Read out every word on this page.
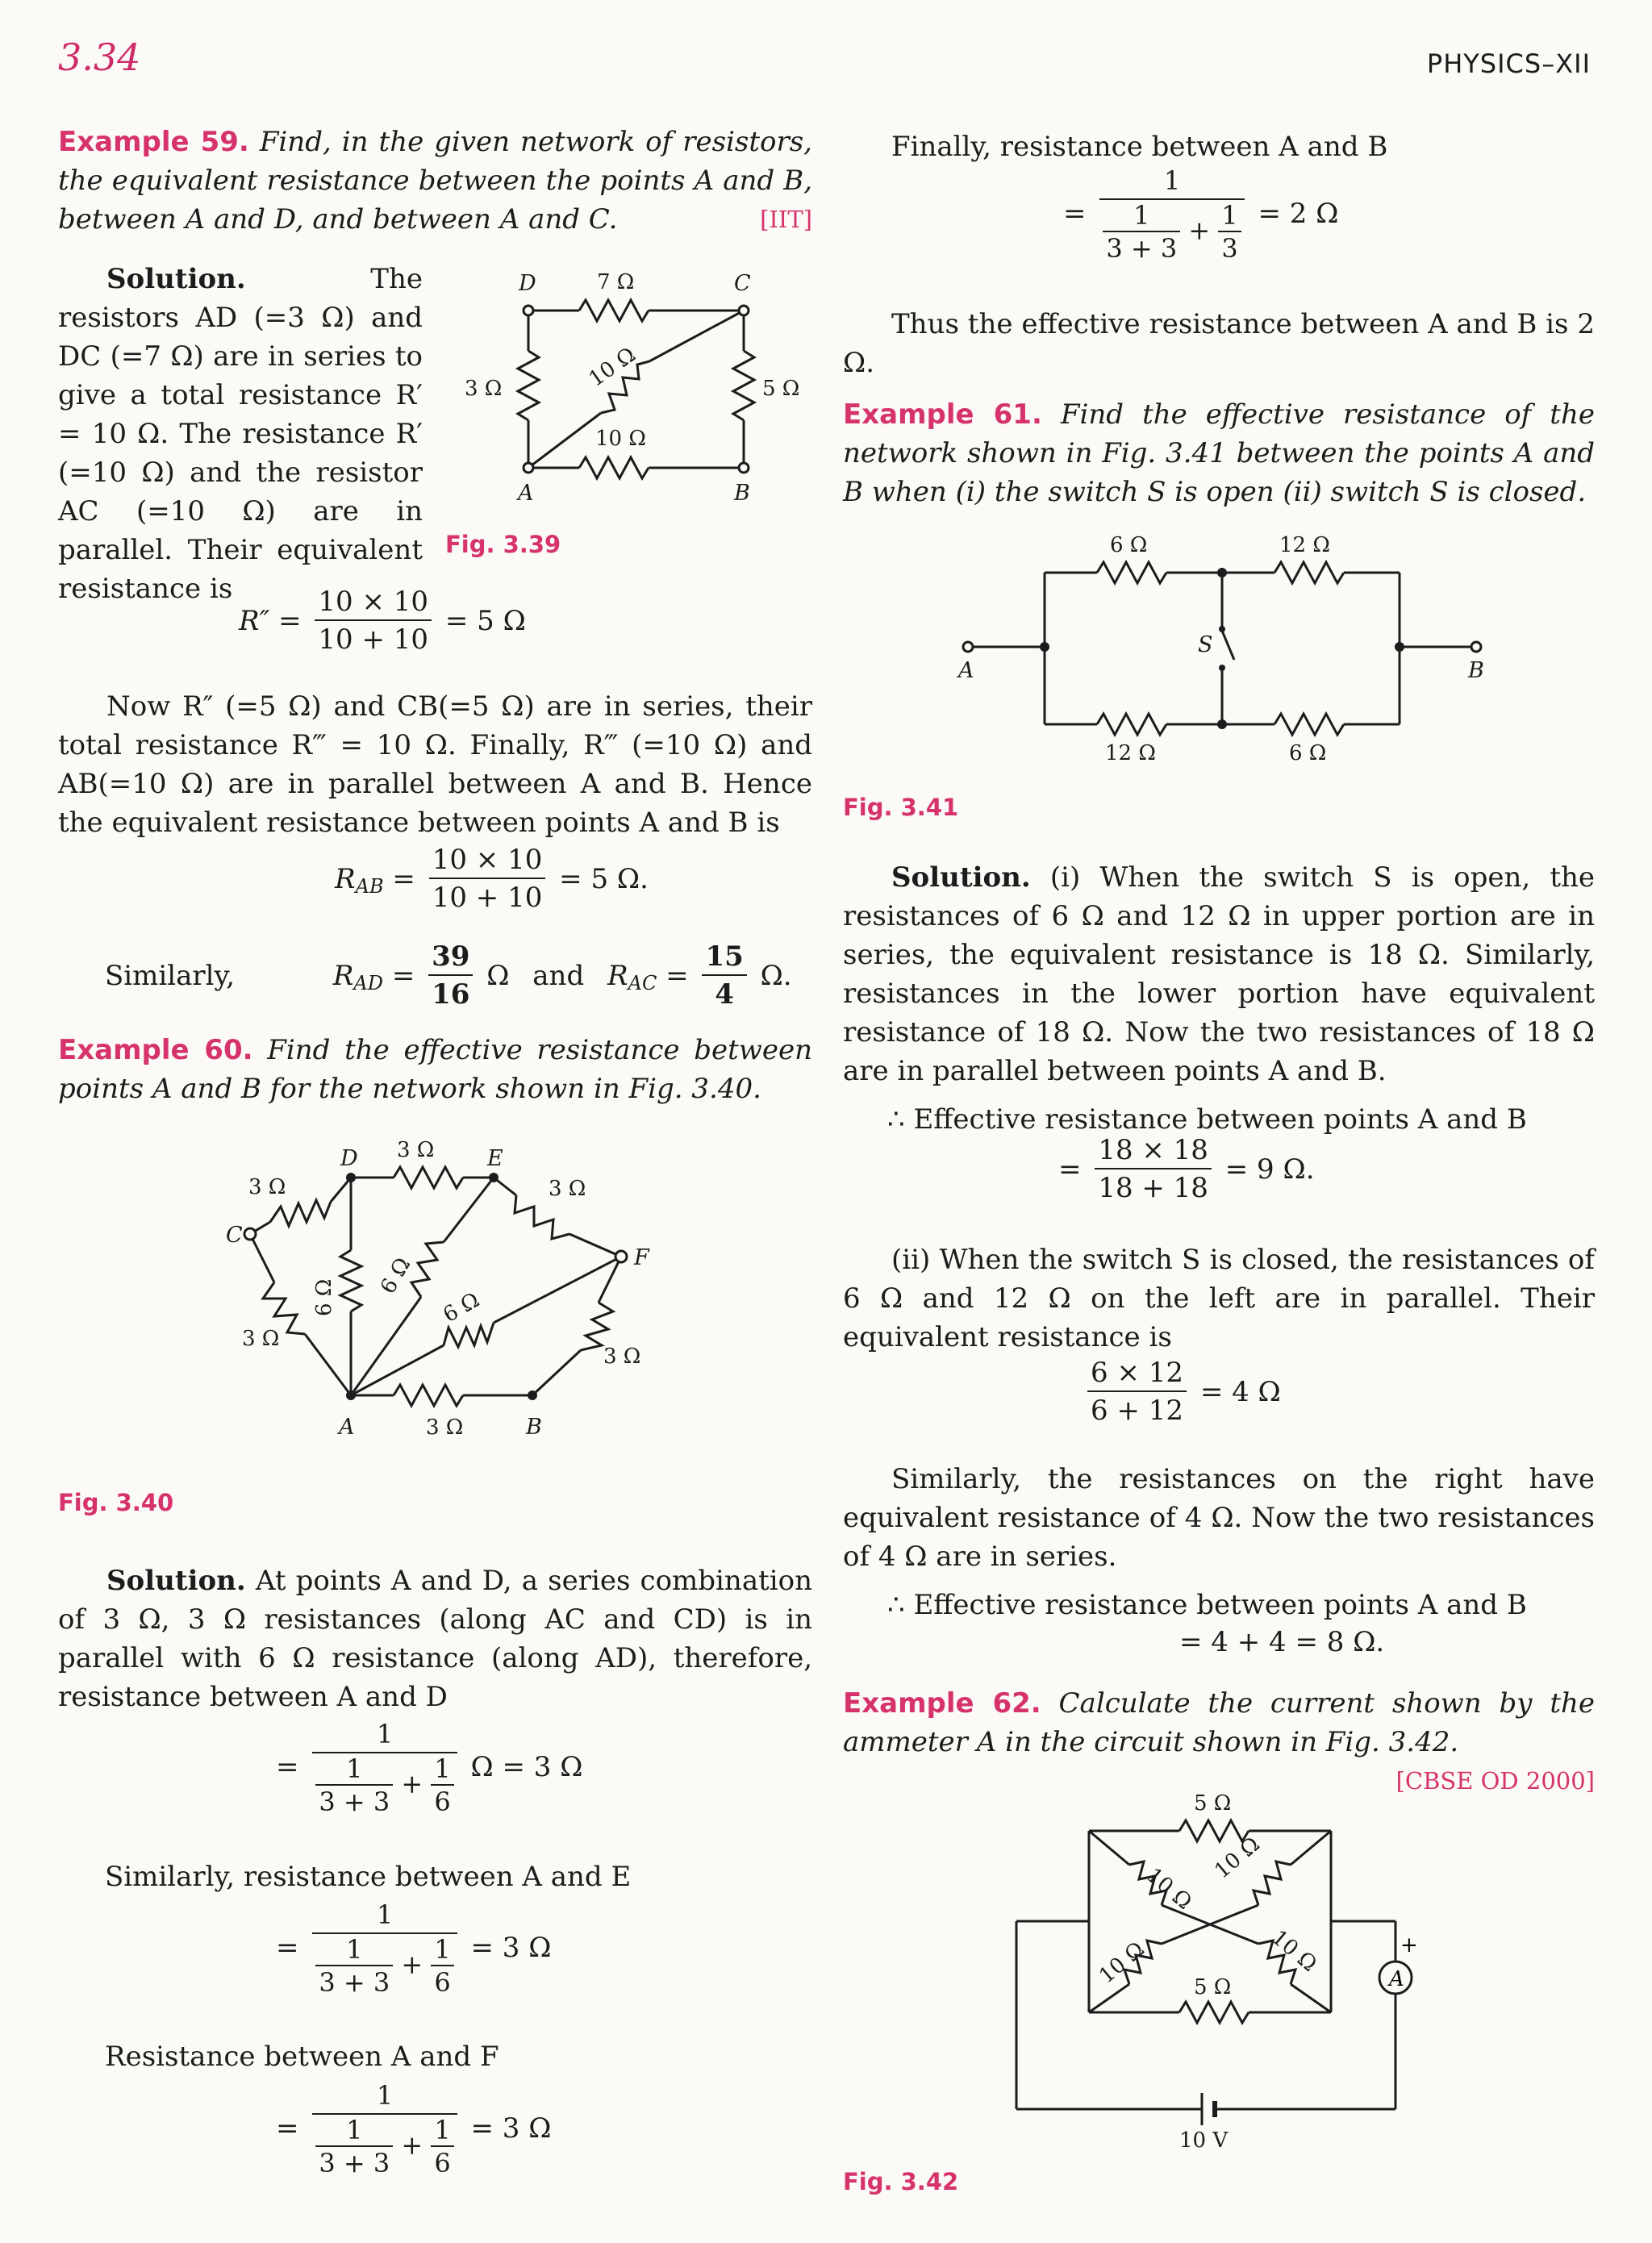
3.34	PHYSICS–XII
Example 59. Find, in the given network of resistors, the equivalent resistance between the points A and B, between A and D, and between A and C.	[IIT]
Solution.	The resistors AD (=3 Ω) and DC (=7 Ω) are in series to give a total resistance R′ = 10 Ω. The resistance R′ (=10 Ω) and the resistor AC (=10 Ω) are in parallel. Their equivalent resistance is
D	C
A	B
7 Ω
3 Ω	5 Ω
10 Ω
10 Ω
Fig. 3.39
$R'' = \frac{10 \times 10}{10 + 10} = 5$ Ω
Now R″ (=5 Ω) and CB(=5 Ω) are in series, their total resistance R‴ = 10 Ω. Finally, R‴ (=10 Ω) and AB(=10 Ω) are in parallel between A and B. Hence the equivalent resistance between points A and B is
$R_{AB} = \frac{10 \times 10}{10 + 10} = 5$ Ω.
Similarly,	$R_{AD} = \frac{39}{16}$ Ω and $R_{AC} = \frac{15}{4} \Omega$.
Example 60. Find the effective resistance between points A and B for the network shown in Fig. 3.40.
C
D	E
F
A	B
3 Ω
3 Ω
3 Ω
3 Ω
6 Ω 6 Ω
6 Ω
3 Ω
3 Ω
Fig. 3.40
Solution. At points A and D, a series combination of 3 Ω, 3 Ω resistances (along AC and CD) is in parallel with 6 Ω resistance (along AD), therefore, resistance between A and D
= $\frac{1}{\frac{1}{3 + 3} + \frac{1}{6}}$ Ω = 3 Ω
Similarly, resistance between A and E
= $\frac{1}{\frac{1}{3 + 3} + \frac{1}{6}} = 3$ Ω
Resistance between A and F
= $\frac{1}{\frac{1}{3 + 3} + \frac{1}{6}} = 3$ Ω
Finally, resistance between A and B
= $\frac{1}{\frac{1}{3 + 3} + \frac{1}{3}} = 2$ Ω
Thus the effective resistance between A and B is 2 Ω.
Example 61. Find the effective resistance of the network shown in Fig. 3.41 between the points A and B when (i) the switch S is open (ii) switch S is closed.
A	B
S
6 Ω	12 Ω
12 Ω	6 Ω
Fig. 3.41
Solution. (i) When the switch S is open, the resistances of 6 Ω and 12 Ω in upper portion are in series, the equivalent resistance is 18 Ω. Similarly, resistances in the lower portion have equivalent resistance of 18 Ω. Now the two resistances of 18 Ω are in parallel between points A and B.
∴ Effective resistance between points A and B
= $\frac{18 \times 18}{18 + 18} = 9$ Ω.
(ii) When the switch S is closed, the resistances of 6 Ω and 12 Ω on the left are in parallel. Their equivalent resistance is
$\frac{6 \times 12}{6 + 12} = 4$ Ω
Similarly, the resistances on the right have equivalent resistance of 4 Ω. Now the two resistances of 4 Ω are in series.
∴ Effective resistance between points A and B
= 4 + 4 = 8 Ω.
Example 62. Calculate the current shown by the ammeter A in the circuit shown in Fig. 3.42.
[CBSE OD 2000]
A
+
5 Ω
5 Ω
10 Ω
10 Ω
10 Ω	10 Ω
10 V
Fig. 3.42
